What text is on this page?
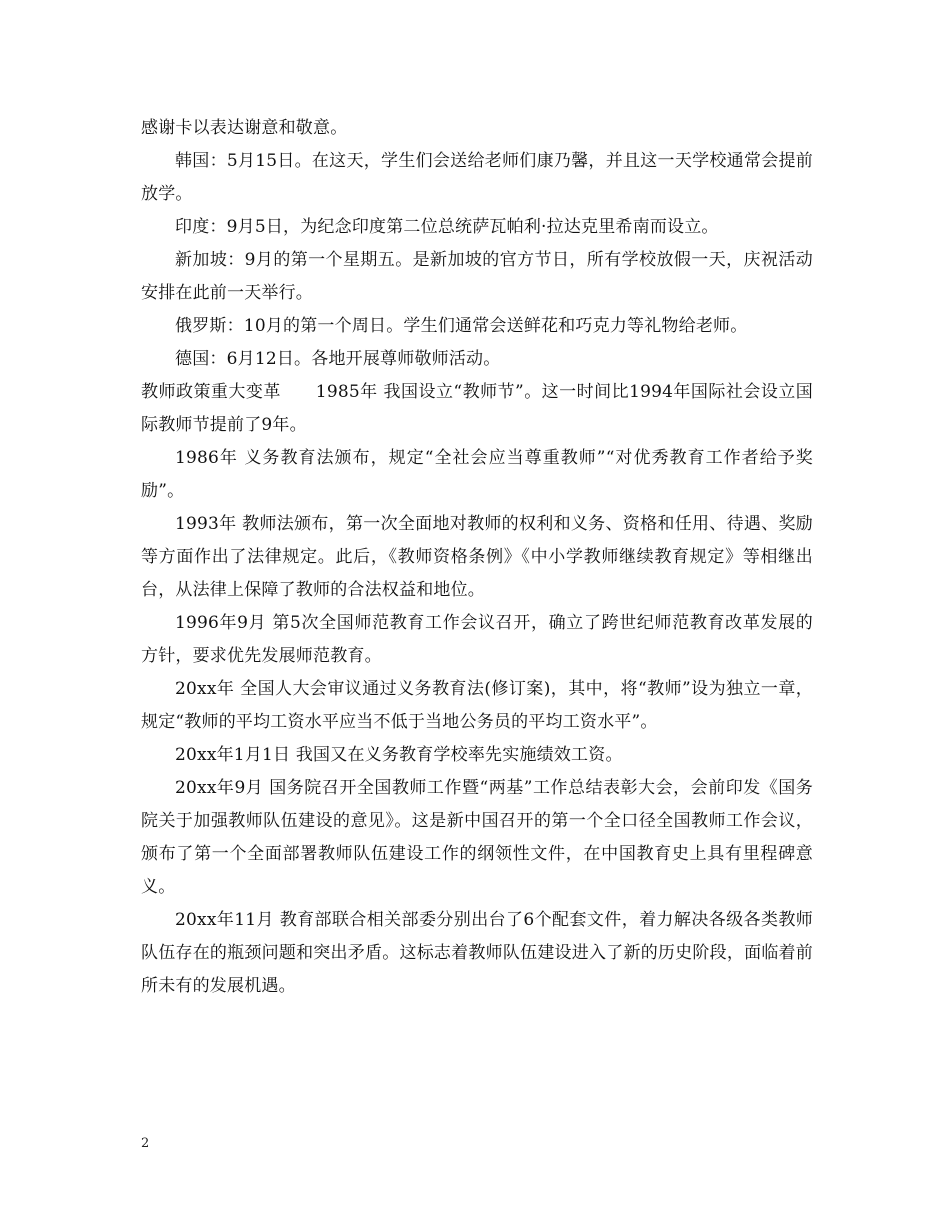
感谢卡以表达谢意和敬意。

韩国：5月15日。在这天，学生们会送给老师们康乃馨，并且这一天学校通常会提前放学。

印度：9月5日，为纪念印度第二位总统萨瓦帕利·拉达克里希南而设立。

新加坡：9月的第一个星期五。是新加坡的官方节日，所有学校放假一天，庆祝活动安排在此前一天举行。

俄罗斯：10月的第一个周日。学生们通常会送鲜花和巧克力等礼物给老师。

德国：6月12日。各地开展尊师敬师活动。

教师政策重大变革　　1985年 我国设立“教师节”。这一时间比1994年国际社会设立国际教师节提前了9年。

1986年 义务教育法颁布，规定“全社会应当尊重教师”“对优秀教育工作者给予奖励”。

1993年 教师法颁布，第一次全面地对教师的权利和义务、资格和任用、待遇、奖励等方面作出了法律规定。此后，《教师资格条例》《中小学教师继续教育规定》等相继出台，从法律上保障了教师的合法权益和地位。

1996年9月 第5次全国师范教育工作会议召开，确立了跨世纪师范教育改革发展的方针，要求优先发展师范教育。

20xx年 全国人大会审议通过义务教育法(修订案)，其中，将“教师”设为独立一章，规定“教师的平均工资水平应当不低于当地公务员的平均工资水平”。

20xx年1月1日 我国又在义务教育学校率先实施绩效工资。

20xx年9月 国务院召开全国教师工作暨“两基”工作总结表彰大会，会前印发《国务院关于加强教师队伍建设的意见》。这是新中国召开的第一个全口径全国教师工作会议，颁布了第一个全面部署教师队伍建设工作的纲领性文件，在中国教育史上具有里程碑意义。

20xx年11月 教育部联合相关部委分别出台了6个配套文件，着力解决各级各类教师队伍存在的瓶颈问题和突出矛盾。这标志着教师队伍建设进入了新的历史阶段，面临着前所未有的发展机遇。

2
